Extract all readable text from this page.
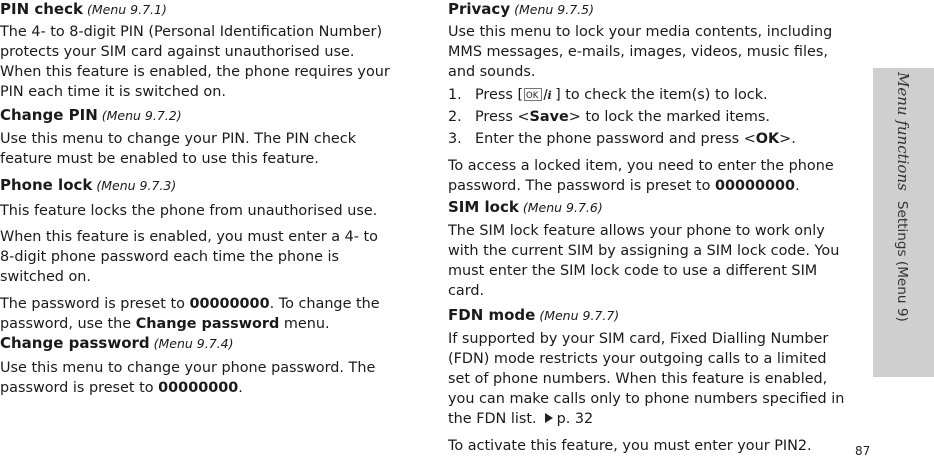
PIN check (Menu 9.7.1)

The 4- to 8-digit PIN (Personal Identification Number)

protects your SIM card against unauthorised use.

When this feature is enabled, the phone requires your

PIN each time it is switched on.

Change PIN (Menu 9.7.2)

Use this menu to change your PIN. The PIN check

feature must be enabled to use this feature.

Phone lock (Menu 9.7.3)

This feature locks the phone from unauthorised use.

When this feature is enabled, you must enter a 4- to

8-digit phone password each time the phone is

switched on.

The password is preset to 00000000. To change the

password, use the Change password menu.

Change password (Menu 9.7.4)

Use this menu to change your phone password. The

password is preset to 00000000.

Privacy (Menu 9.7.5)

Use this menu to lock your media contents, including

MMS messages, e-mails, images, videos, music files,

and sounds.

1. Press [ OK i ] to check the item(s) to lock.
2. Press <Save> to lock the marked items.
3. Enter the phone password and press <OK>.

To access a locked item, you need to enter the phone

password. The password is preset to 00000000.

SIM lock (Menu 9.7.6)

The SIM lock feature allows your phone to work only

with the current SIM by assigning a SIM lock code. You

must enter the SIM lock code to use a different SIM

card.

FDN mode (Menu 9.7.7)

If supported by your SIM card, Fixed Dialling Number

(FDN) mode restricts your outgoing calls to a limited

set of phone numbers. When this feature is enabled,

you can make calls only to phone numbers specified in

the FDN list. p. 32

To activate this feature, you must enter your PIN2.

Menu functionsSettings (Menu 9)
87
